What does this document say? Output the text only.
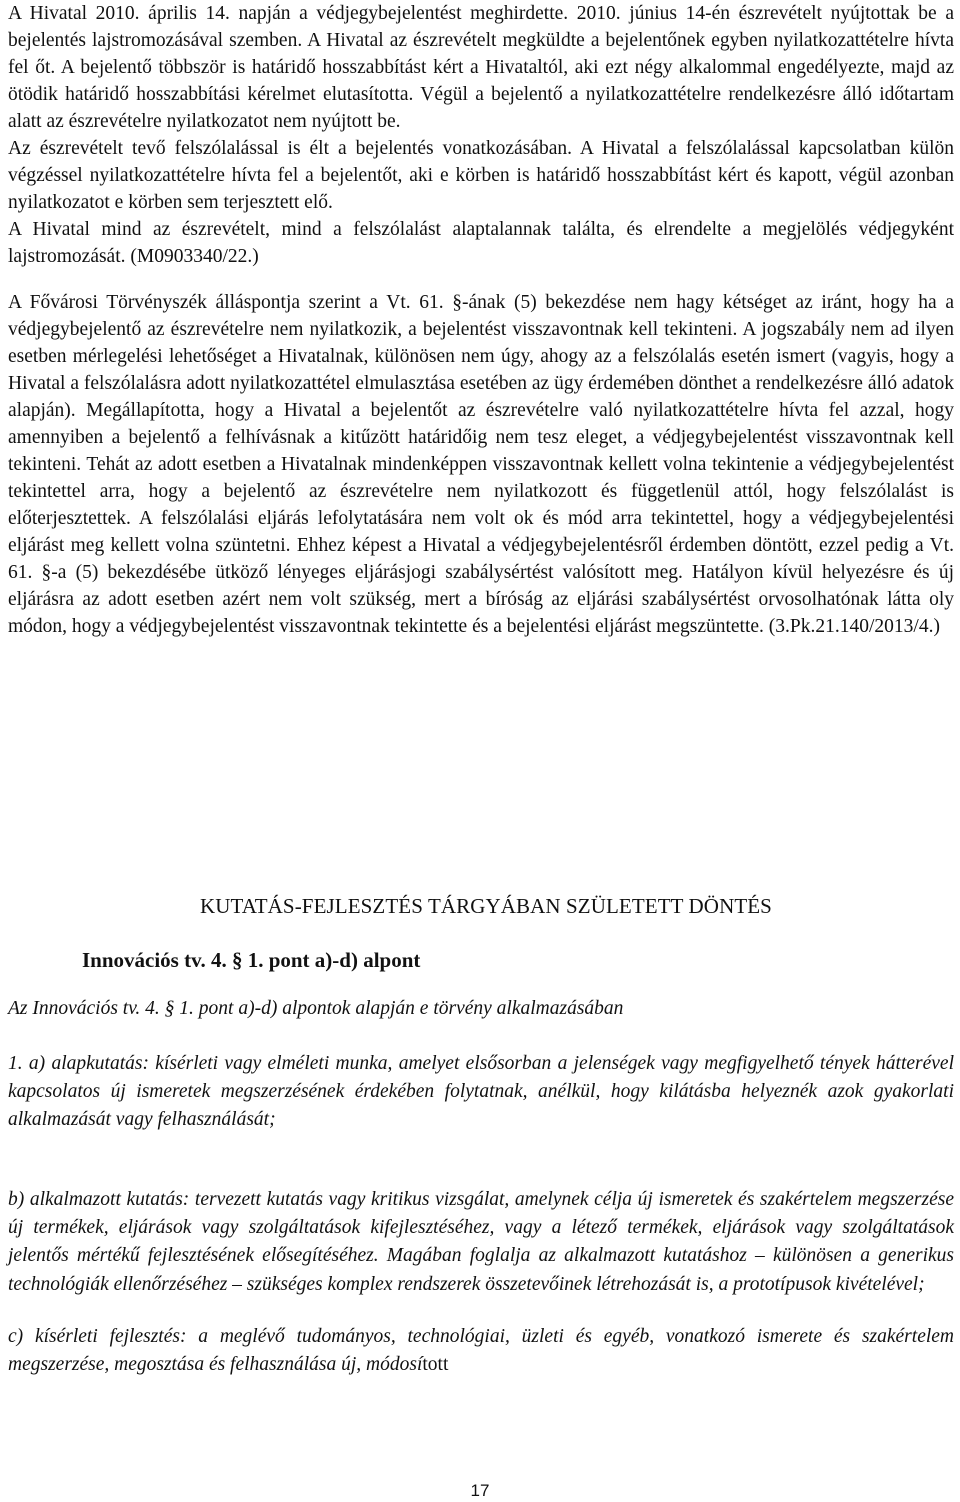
A Hivatal 2010. április 14. napján a védjegybejelentést meghirdette. 2010. június 14-én észrevételt nyújtottak be a bejelentés lajstromozásával szemben. A Hivatal az észrevételt megküldte a bejelentőnek egyben nyilatkozattételre hívta fel őt. A bejelentő többször is határidő hosszabbítást kért a Hivataltól, aki ezt négy alkalommal engedélyezte, majd az ötödik határidő hosszabbítási kérelmet elutasította. Végül a bejelentő a nyilatkozattételre rendelkezésre álló időtartam alatt az észrevételre nyilatkozatot nem nyújtott be.

Az észrevételt tevő felszólalással is élt a bejelentés vonatkozásában. A Hivatal a felszólalással kapcsolatban külön végzéssel nyilatkozattételre hívta fel a bejelentőt, aki e körben is határidő hosszabbítást kért és kapott, végül azonban nyilatkozatot e körben sem terjesztett elő.

A Hivatal mind az észrevételt, mind a felszólalást alaptalannak találta, és elrendelte a megjelölés védjegyként lajstromozását. (M0903340/22.)

A Fővárosi Törvényszék álláspontja szerint a Vt. 61. §-ának (5) bekezdése nem hagy kétséget az iránt, hogy ha a védjegybejelentő az észrevételre nem nyilatkozik, a bejelentést visszavontnak kell tekinteni. A jogszabály nem ad ilyen esetben mérlegelési lehetőséget a Hivatalnak, különösen nem úgy, ahogy az a felszólalás esetén ismert (vagyis, hogy a Hivatal a felszólalásra adott nyilatkozattétel elmulasztása esetében az ügy érdemében dönthet a rendelkezésre álló adatok alapján). Megállapította, hogy a Hivatal a bejelentőt az észrevételre való nyilatkozattételre hívta fel azzal, hogy amennyiben a bejelentő a felhívásnak a kitűzött határidőig nem tesz eleget, a védjegybejelentést visszavontnak kell tekinteni. Tehát az adott esetben a Hivatalnak mindenképpen visszavontnak kellett volna tekintenie a védjegybejelentést tekintettel arra, hogy a bejelentő az észrevételre nem nyilatkozott és függetlenül attól, hogy felszólalást is előterjesztettek. A felszólalási eljárás lefolytatására nem volt ok és mód arra tekintettel, hogy a védjegybejelentési eljárást meg kellett volna szüntetni. Ehhez képest a Hivatal a védjegybejelentésről érdemben döntött, ezzel pedig a Vt. 61. §-a (5) bekezdésébe ütköző lényeges eljárásjogi szabálysértést valósított meg. Hatályon kívül helyezésre és új eljárásra az adott esetben azért nem volt szükség, mert a bíróság az eljárási szabálysértést orvosolhatónak látta oly módon, hogy a védjegybejelentést visszavontnak tekintette és a bejelentési eljárást megszüntette. (3.Pk.21.140/2013/4.)

KUTATÁS-FEJLESZTÉS TÁRGYÁBAN SZÜLETETT DÖNTÉS
Innovációs tv. 4. § 1. pont a)-d) alpont

Az Innovációs tv. 4. § 1. pont a)-d) alpontok alapján e törvény alkalmazásában

1. a) alapkutatás: kísérleti vagy elméleti munka, amelyet elsősorban a jelenségek vagy megfigyelhető tények hátterével kapcsolatos új ismeretek megszerzésének érdekében folytatnak, anélkül, hogy kilátásba helyeznék azok gyakorlati alkalmazását vagy felhasználását;

b) alkalmazott kutatás: tervezett kutatás vagy kritikus vizsgálat, amelynek célja új ismeretek és szakértelem megszerzése új termékek, eljárások vagy szolgáltatások kifejlesztéséhez, vagy a létező termékek, eljárások vagy szolgáltatások jelentős mértékű fejlesztésének elősegítéséhez. Magában foglalja az alkalmazott kutatáshoz – különösen a generikus technológiák ellenőrzéséhez – szükséges komplex rendszerek összetevőinek létrehozását is, a prototípusok kivételével;

c) kísérleti fejlesztés: a meglévő tudományos, technológiai, üzleti és egyéb, vonatkozó ismerete és szakértelem megszerzése, megosztása és felhasználása új, módosított

17
